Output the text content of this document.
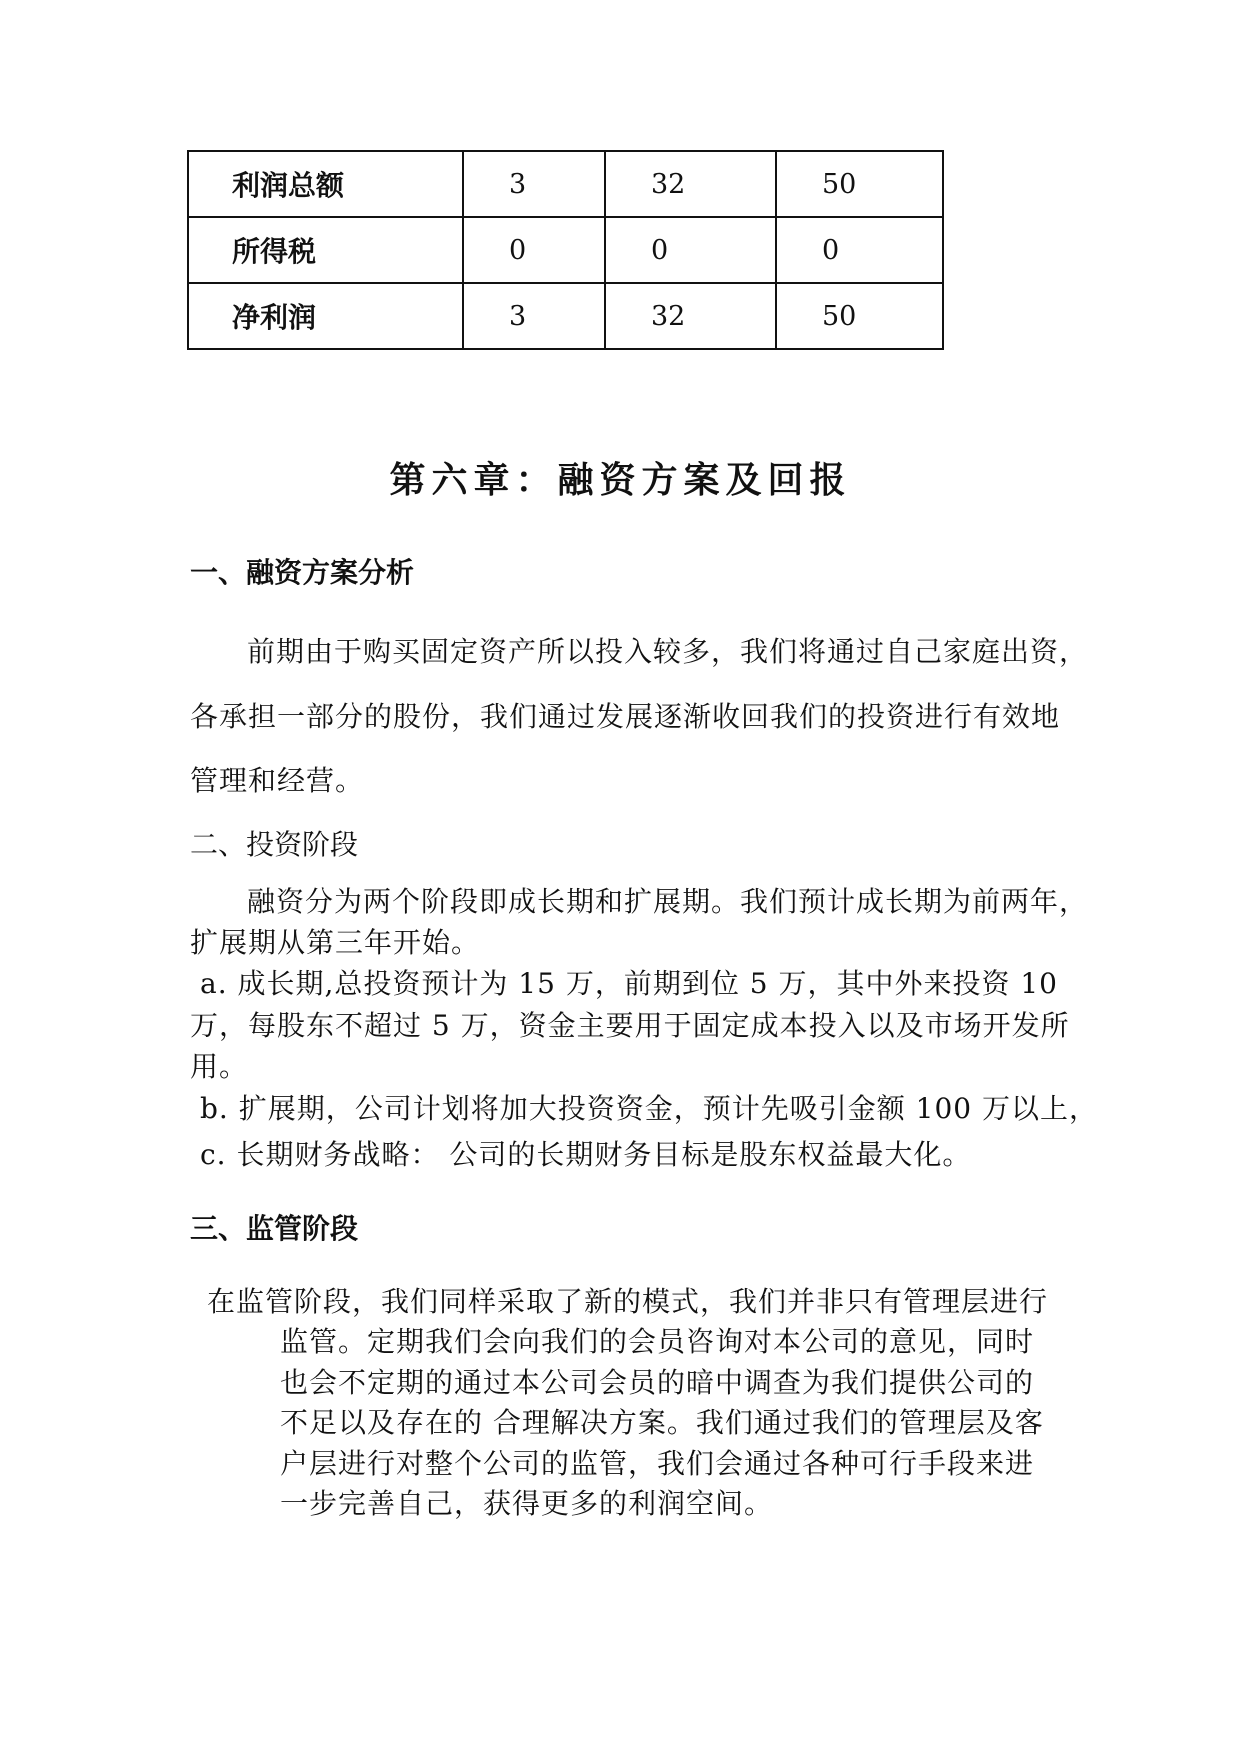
利润总额	3	32	50
所得税	0	0	0
净利润	3	32	50
第六章：融资方案及回报
一、融资方案分析
前期由于购买固定资产所以投入较多，我们将通过自己家庭出资，
各承担一部分的股份，我们通过发展逐渐收回我们的投资进行有效地
管理和经营。
二、投资阶段
融资分为两个阶段即成长期和扩展期。我们预计成长期为前两年，
扩展期从第三年开始。
a. 成长期,总投资预计为 15 万，前期到位 5 万，其中外来投资 10
万，每股东不超过 5 万，资金主要用于固定成本投入以及市场开发所
用。
b. 扩展期，公司计划将加大投资资金，预计先吸引金额 100 万以上，
c. 长期财务战略： 公司的长期财务目标是股东权益最大化。
三、监管阶段
在监管阶段，我们同样采取了新的模式，我们并非只有管理层进行
监管。定期我们会向我们的会员咨询对本公司的意见，同时
也会不定期的通过本公司会员的暗中调查为我们提供公司的
不足以及存在的 合理解决方案。我们通过我们的管理层及客
户层进行对整个公司的监管，我们会通过各种可行手段来进
一步完善自己，获得更多的利润空间。
